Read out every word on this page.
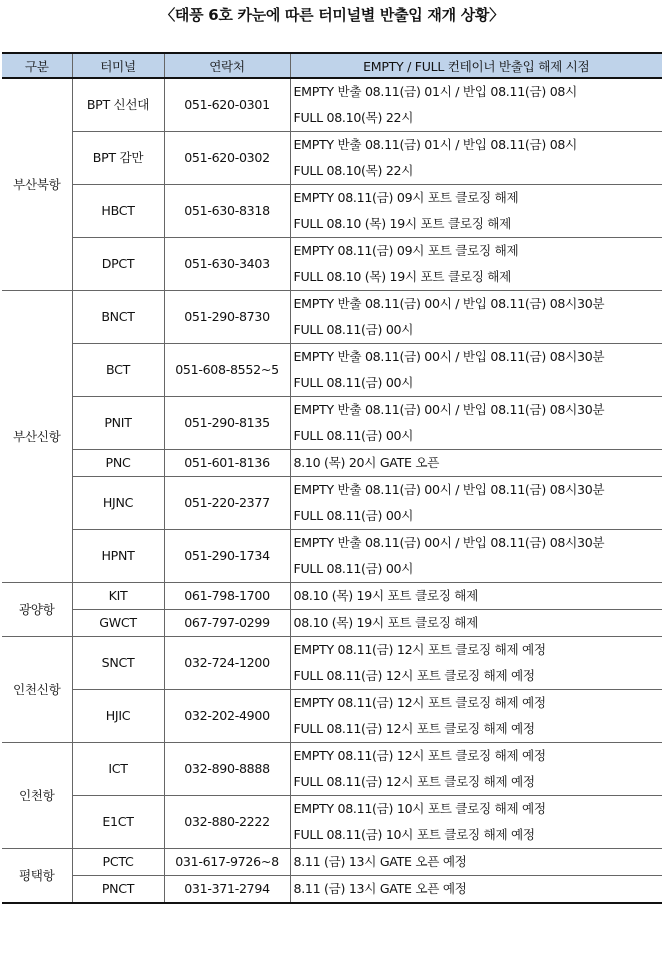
〈태풍 6호 카눈에 따른 터미널별 반출입 재개 상황〉
구분	터미널	연락처	EMPTY / FULL 컨테이너 반출입 해제 시점
부산북항	BPT 신선대	051-620-0301	EMPTY 반출 08.11(금) 01시 / 반입 08.11(금) 08시
FULL 08.10(목) 22시

	BPT 감만	051-620-0302	EMPTY 반출 08.11(금) 01시 / 반입 08.11(금) 08시
FULL 08.10(목) 22시

	HBCT	051-630-8318	EMPTY 08.11(금) 09시 포트 클로징 해제
FULL 08.10 (목) 19시 포트 클로징 해제

	DPCT	051-630-3403	EMPTY 08.11(금) 09시 포트 클로징 해제
FULL 08.10 (목) 19시 포트 클로징 해제

부산신항	BNCT	051-290-8730	EMPTY 반출 08.11(금) 00시 / 반입 08.11(금) 08시30분
FULL 08.11(금) 00시

	BCT	051-608-8552~5	EMPTY 반출 08.11(금) 00시 / 반입 08.11(금) 08시30분
FULL 08.11(금) 00시

	PNIT	051-290-8135	EMPTY 반출 08.11(금) 00시 / 반입 08.11(금) 08시30분
FULL 08.11(금) 00시

	PNC	051-601-8136	8.10 (목) 20시 GATE 오픈

	HJNC	051-220-2377	EMPTY 반출 08.11(금) 00시 / 반입 08.11(금) 08시30분
FULL 08.11(금) 00시

	HPNT	051-290-1734	EMPTY 반출 08.11(금) 00시 / 반입 08.11(금) 08시30분
FULL 08.11(금) 00시

광양항	KIT	061-798-1700	08.10 (목) 19시 포트 클로징 해제

	GWCT	067-797-0299	08.10 (목) 19시 포트 클로징 해제

인천신항	SNCT	032-724-1200	EMPTY 08.11(금) 12시 포트 클로징 해제 예정
FULL 08.11(금) 12시 포트 클로징 해제 예정

	HJIC	032-202-4900	EMPTY 08.11(금) 12시 포트 클로징 해제 예정
FULL 08.11(금) 12시 포트 클로징 해제 예정

인천항	ICT	032-890-8888	EMPTY 08.11(금) 12시 포트 클로징 해제 예정
FULL 08.11(금) 12시 포트 클로징 해제 예정

	E1CT	032-880-2222	EMPTY 08.11(금) 10시 포트 클로징 해제 예정
FULL 08.11(금) 10시 포트 클로징 해제 예정

평택항	PCTC	031-617-9726~8	8.11 (금) 13시 GATE 오픈 예정

	PNCT	031-371-2794	8.11 (금) 13시 GATE 오픈 예정
